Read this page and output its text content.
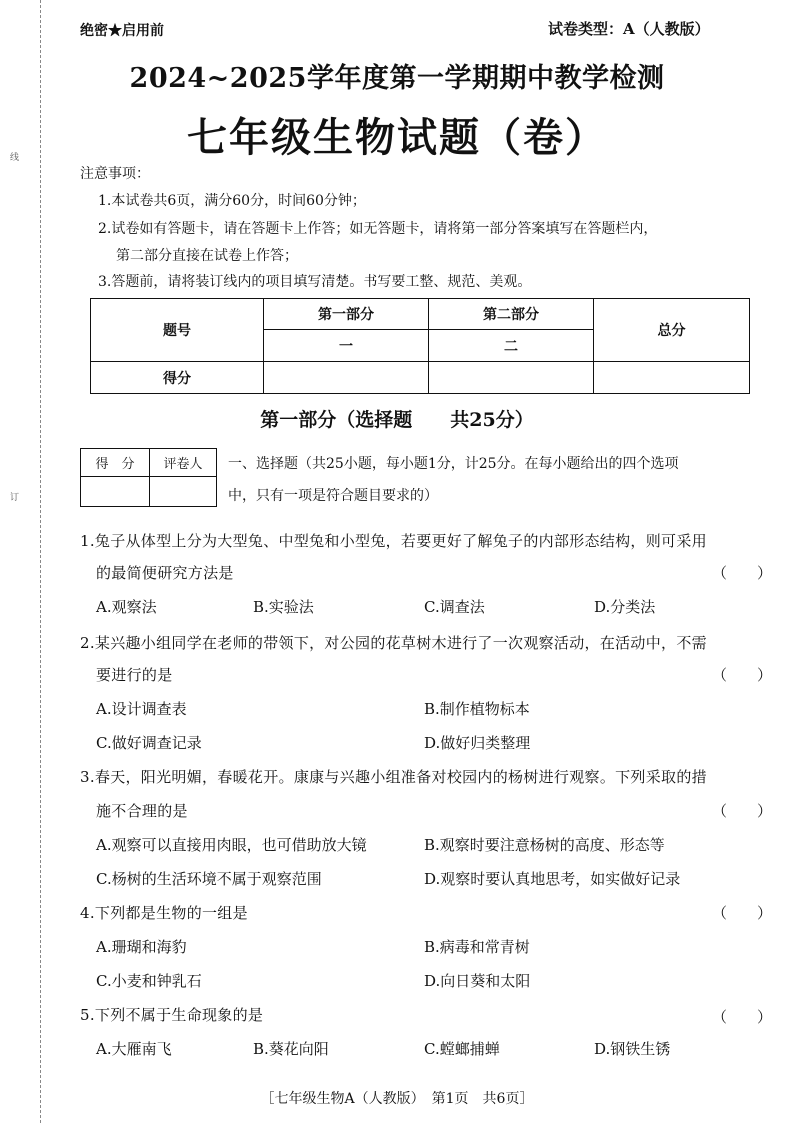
线
订
绝密★启用前	试卷类型：A（人教版）
2024~2025学年度第一学期期中教学检测
七年级生物试题（卷）
注意事项：
1.本试卷共6页，满分60分，时间60分钟；
2.试卷如有答题卡，请在答题卡上作答；如无答题卡，请将第一部分答案填写在答题栏内，
第二部分直接在试卷上作答；
3.答题前，请将装订线内的项目填写清楚。书写要工整、规范、美观。
题号	第一部分	第二部分	总分
	一	二	
得分			
第一部分（选择题　　共25分）
得　分	评卷人
	一、选择题（共25小题，每小题1分，计25分。在每小题给出的四个选项
中，只有一项是符合题目要求的）
1.兔子从体型上分为大型兔、中型兔和小型兔，若要更好了解兔子的内部形态结构，则可采用
的最简便研究方法是	（　　）
A.观察法	B.实验法	C.调查法	D.分类法
2.某兴趣小组同学在老师的带领下，对公园的花草树木进行了一次观察活动，在活动中，不需
要进行的是	（　　）
A.设计调查表	B.制作植物标本
C.做好调查记录	D.做好归类整理
3.春天，阳光明媚，春暖花开。康康与兴趣小组准备对校园内的杨树进行观察。下列采取的措
施不合理的是	（　　）
A.观察可以直接用肉眼，也可借助放大镜	B.观察时要注意杨树的高度、形态等
C.杨树的生活环境不属于观察范围	D.观察时要认真地思考，如实做好记录
4.下列都是生物的一组是	（　　）
A.珊瑚和海豹	B.病毒和常青树
C.小麦和钟乳石	D.向日葵和太阳
5.下列不属于生命现象的是	（　　）
A.大雁南飞	B.葵花向阳	C.螳螂捕蝉	D.钢铁生锈
［七年级生物A（人教版）　第1页　共6页］
